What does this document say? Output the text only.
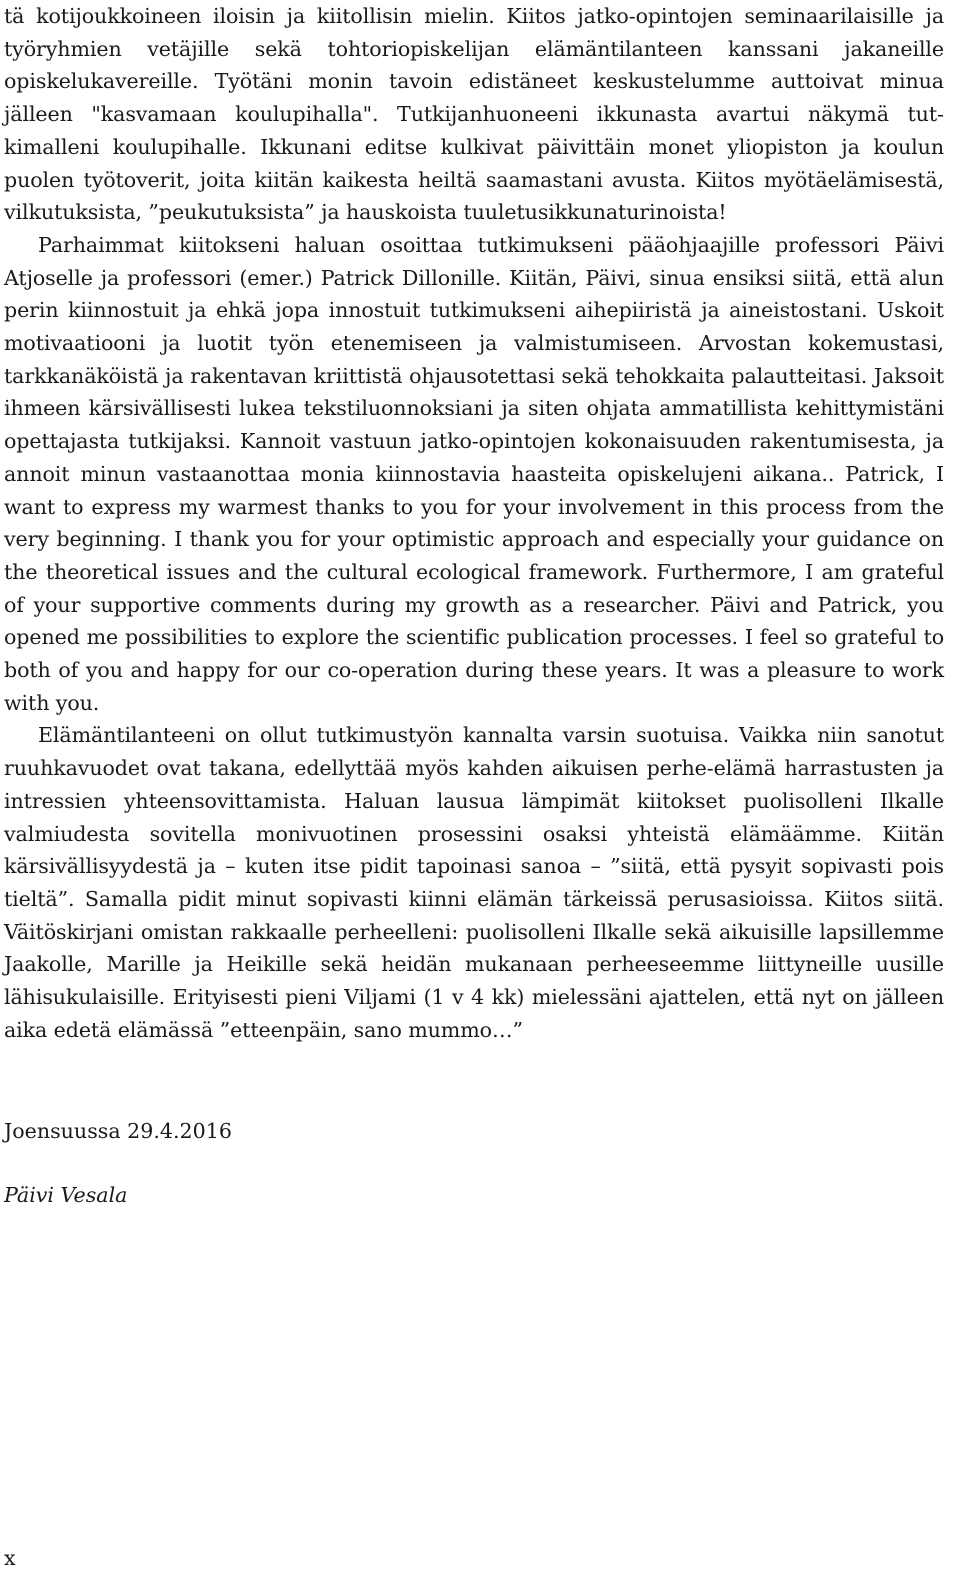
tä kotijoukkoineen iloisin ja kiitollisin mielin. Kiitos jatko-opintojen seminaarilaisille ja työryhmien vetäjille sekä tohtoriopiskelijan elämäntilanteen kanssani jakaneille opiskelukavereille. Työtäni monin tavoin edistäneet keskustelumme auttoivat minua jälleen "kasvamaan koulupihalla". Tutkijanhuoneeni ikkunasta avartui näkymä tutkimalleni koulupihalle. Ikkunani editse kulkivat päivittäin monet yliopiston ja koulun puolen työtoverit, joita kiitän kaikesta heiltä saamastani avusta. Kiitos myötäelämisestä, vilkutuksista, ”peukutuksista” ja hauskoista tuuletusikkunaturinoista!

Parhaimmat kiitokseni haluan osoittaa tutkimukseni pääohjaajille professori Päivi Atjoselle ja professori (emer.) Patrick Dillonille. Kiitän, Päivi, sinua ensiksi siitä, että alun perin kiinnostuit ja ehkä jopa innostuit tutkimukseni aihepiiristä ja aineistostani. Uskoit motivaatiooni ja luotit työn etenemiseen ja valmistumiseen. Arvostan kokemustasi, tarkkanäköistä ja rakentavan kriittistä ohjausotettasi sekä tehokkaita palautteitasi. Jaksoit ihmeen kärsivällisesti lukea tekstiluonnoksiani ja siten ohjata ammatillista kehittymistäni opettajasta tutkijaksi. Kannoit vastuun jatko-opintojen kokonaisuuden rakentumisesta, ja annoit minun vastaanottaa monia kiinnostavia haasteita opiskelujeni aikana.. Patrick, I want to express my warmest thanks to you for your involvement in this process from the very beginning. I thank you for your optimistic approach and especially your guidance on the theoretical issues and the cultural ecological framework. Furthermore, I am grateful of your supportive comments during my growth as a researcher. Päivi and Patrick, you opened me possibilities to explore the scientific publication processes. I feel so grateful to both of you and happy for our co-operation during these years. It was a pleasure to work with you.

Elämäntilanteeni on ollut tutkimustyön kannalta varsin suotuisa. Vaikka niin sanotut ruuhkavuodet ovat takana, edellyttää myös kahden aikuisen perhe-elämä harrastusten ja intressien yhteensovittamista. Haluan lausua lämpimät kiitokset puolisolleni Ilkalle valmiudesta sovitella monivuotinen prosessini osaksi yhteistä elämäämme. Kiitän kärsivällisyydestä ja – kuten itse pidit tapoinasi sanoa – ”siitä, että pysyit sopivasti pois tieltä”. Samalla pidit minut sopivasti kiinni elämän tärkeissä perusasioissa. Kiitos siitä. Väitöskirjani omistan rakkaalle perheelleni: puolisolleni Ilkalle sekä aikuisille lapsillemme Jaakolle, Marille ja Heikille sekä heidän mukanaan perheeseemme liittyneille uusille lähisukulaisille. Erityisesti pieni Viljami (1 v 4 kk) mielessäni ajattelen, että nyt on jälleen aika edetä elämässä ”etteenpäin, sano mummo…”

Joensuussa 29.4.2016

Päivi Vesala

x
